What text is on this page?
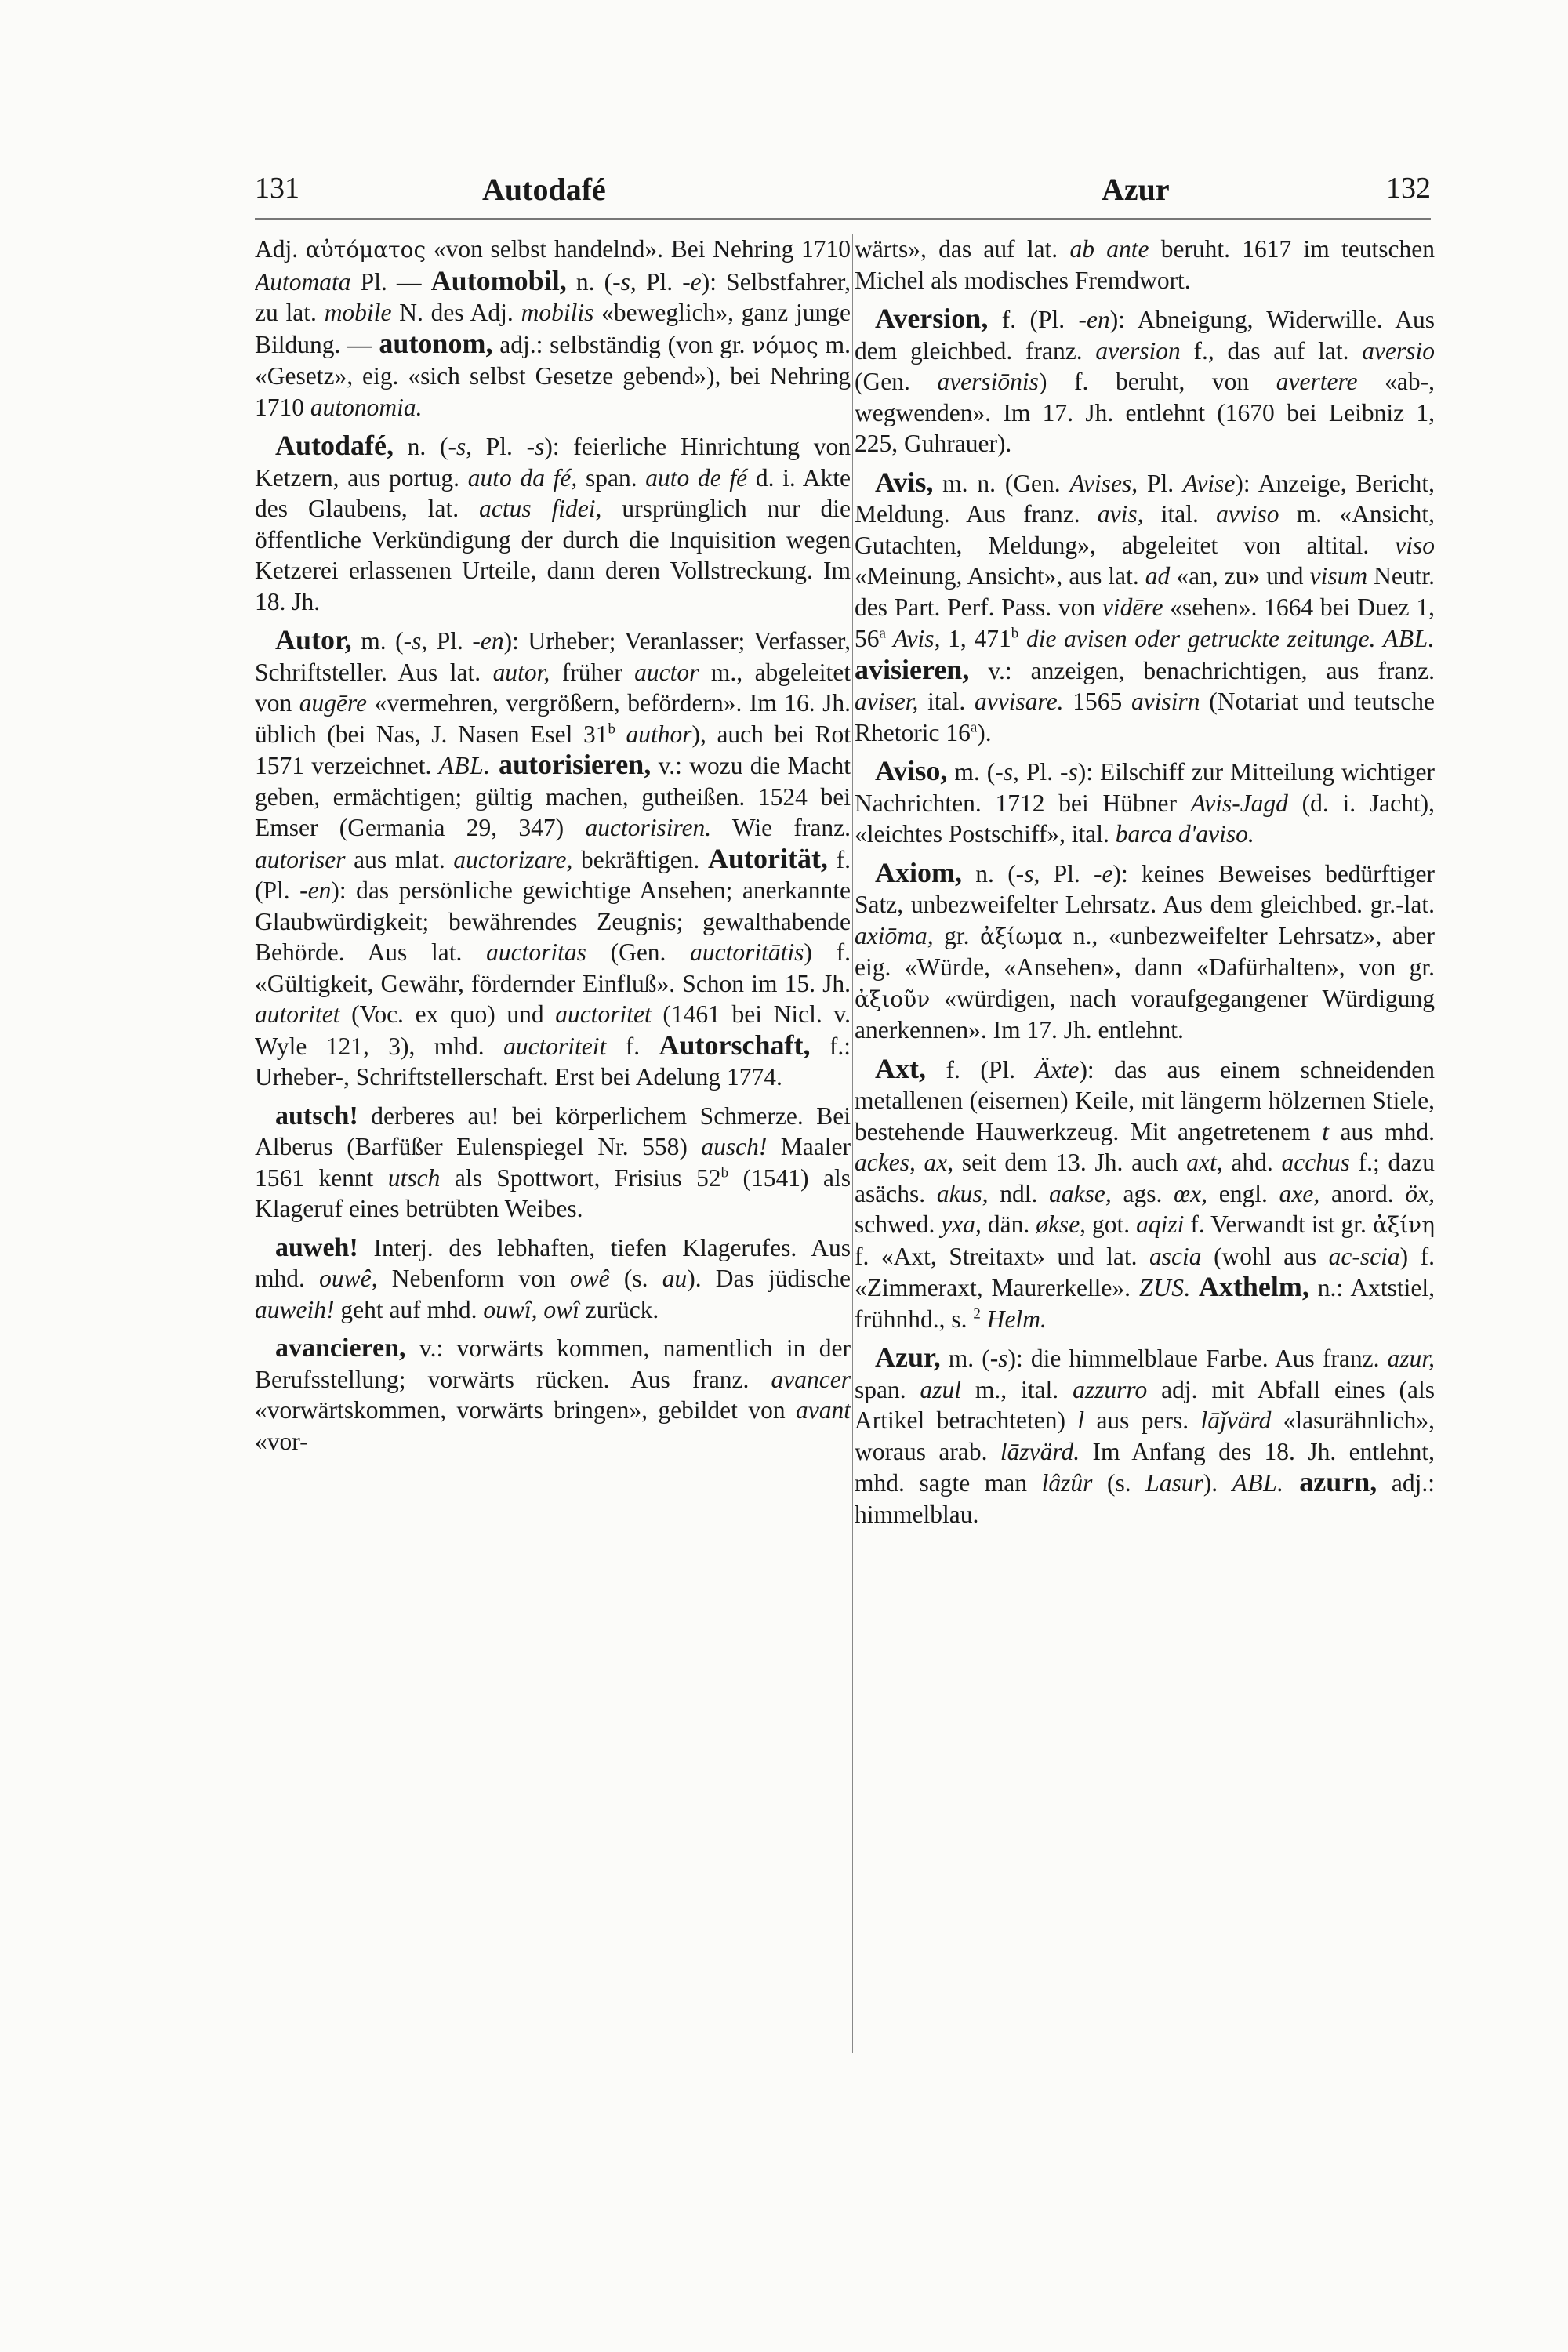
131	Autodafé	Azur	132

Adj. αὐτόματος «von selbst handelnd». Bei Nehring 1710 Automata Pl. — Automobil, n. (-s, Pl. -e): Selbstfahrer, zu lat. mobile N. des Adj. mobilis «beweglich», ganz junge Bildung. — autonom, adj.: selbständig (von gr. νόμος m. «Gesetz», eig. «sich selbst Gesetze gebend»), bei Nehring 1710 autonomia.

Autodafé, n. (-s, Pl. -s): feierliche Hinrichtung von Ketzern, aus portug. auto da fé, span. auto de fé d. i. Akte des Glaubens, lat. actus fidei, ursprünglich nur die öffentliche Verkündigung der durch die Inquisition wegen Ketzerei erlassenen Urteile, dann deren Vollstreckung. Im 18. Jh.

Autor, m. (-s, Pl. -en): Urheber; Veranlasser; Verfasser, Schriftsteller. Aus lat. autor, früher auctor m., abgeleitet von augēre «vermehren, vergrößern, befördern». Im 16. Jh. üblich (bei Nas, J. Nasen Esel 31$^b$ author), auch bei Rot 1571 verzeichnet. ABL. autorisieren, v.: wozu die Macht geben, ermächtigen; gültig machen, gutheißen. 1524 bei Emser (Germania 29, 347) auctorisiren. Wie franz. autoriser aus mlat. auctorizare, bekräftigen. Autorität, f. (Pl. -en): das persönliche gewichtige Ansehen; anerkannte Glaubwürdigkeit; bewährendes Zeugnis; gewalthabende Behörde. Aus lat. auctoritas (Gen. auctoritātis) f. «Gültigkeit, Gewähr, fördernder Einfluß». Schon im 15. Jh. autoritet (Voc. ex quo) und auctoritet (1461 bei Nicl. v. Wyle 121, 3), mhd. auctoriteit f. Autorschaft, f.: Urheber-, Schriftstellerschaft. Erst bei Adelung 1774.

autsch! derberes au! bei körperlichem Schmerze. Bei Alberus (Barfüßer Eulenspiegel Nr. 558) ausch! Maaler 1561 kennt utsch als Spottwort, Frisius 52$^b$ (1541) als Klageruf eines betrübten Weibes.

auweh! Interj. des lebhaften, tiefen Klagerufes. Aus mhd. ouwê, Nebenform von owê (s. au). Das jüdische auweih! geht auf mhd. ouwî, owî zurück.

avancieren, v.: vorwärts kommen, namentlich in der Berufsstellung; vorwärts rücken. Aus franz. avancer «vorwärtskommen, vorwärts bringen», gebildet von avant «vor-

wärts», das auf lat. ab ante beruht. 1617 im teutschen Michel als modisches Fremdwort.

Aversion, f. (Pl. -en): Abneigung, Widerwille. Aus dem gleichbed. franz. aversion f., das auf lat. aversio (Gen. aversiōnis) f. beruht, von avertere «ab-, wegwenden». Im 17. Jh. entlehnt (1670 bei Leibniz 1, 225, Guhrauer).

Avis, m. n. (Gen. Avises, Pl. Avise): Anzeige, Bericht, Meldung. Aus franz. avis, ital. avviso m. «Ansicht, Gutachten, Meldung», abgeleitet von altital. viso «Meinung, Ansicht», aus lat. ad «an, zu» und visum Neutr. des Part. Perf. Pass. von vidēre «sehen». 1664 bei Duez 1, 56$^a$ Avis, 1, 471$^b$ die avisen oder getruckte zeitunge. ABL. avisieren, v.: anzeigen, benachrichtigen, aus franz. aviser, ital. avvisare. 1565 avisirn (Notariat und teutsche Rhetoric 16$^a$).

Aviso, m. (-s, Pl. -s): Eilschiff zur Mitteilung wichtiger Nachrichten. 1712 bei Hübner Avis-Jagd (d. i. Jacht), «leichtes Postschiff», ital. barca d'aviso.

Axiom, n. (-s, Pl. -e): keines Beweises bedürftiger Satz, unbezweifelter Lehrsatz. Aus dem gleichbed. gr.-lat. axiōma, gr. ἀξίωμα n., «unbezweifelter Lehrsatz», aber eig. «Würde, «Ansehen», dann «Dafürhalten», von gr. ἀξιοῦν «würdigen, nach voraufgegangener Würdigung anerkennen». Im 17. Jh. entlehnt.

Axt, f. (Pl. Äxte): das aus einem schneidenden metallenen (eisernen) Keile, mit längerm hölzernen Stiele, bestehende Hauwerkzeug. Mit angetretenem t aus mhd. ackes, ax, seit dem 13. Jh. auch axt, ahd. acchus f.; dazu asächs. akus, ndl. aakse, ags. œx, engl. axe, anord. öx, schwed. yxa, dän. økse, got. aqizi f. Verwandt ist gr. ἀξίνη f. «Axt, Streitaxt» und lat. ascia (wohl aus ac-scia) f. «Zimmeraxt, Maurerkelle». ZUS. Axthelm, n.: Axtstiel, frühnhd., s. $^2$ Helm.

Azur, m. (-s): die himmelblaue Farbe. Aus franz. azur, span. azul m., ital. azzurro adj. mit Abfall eines (als Artikel betrachteten) l aus pers. lāǰvärd «lasurähnlich», woraus arab. lāzvärd. Im Anfang des 18. Jh. entlehnt, mhd. sagte man lâzûr (s. Lasur). ABL. azurn, adj.: himmelblau.
